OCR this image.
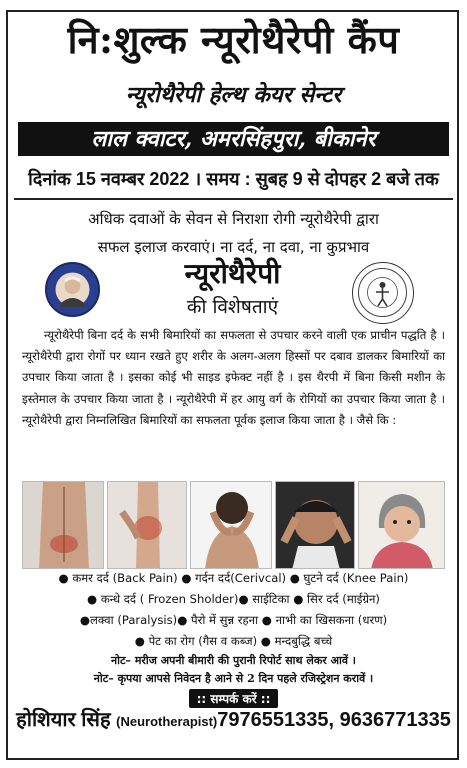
नि:शुल्क न्यूरोथैरेपी कैंप
न्यूरोथैरेपी हेल्थ केयर सेन्टर
लाल क्वाटर, अमरसिंहपुरा, बीकानेर
दिनांक 15 नवम्बर 2022 । समय : सुबह 9 से दोपहर 2 बजे तक
अधिक दवाओं के सेवन से निराशा रोगी न्यूरोथैरेपी द्वारा
सफल इलाज करवाएं। ना दर्द, ना दवा, ना कुप्रभाव
न्यूरोथैरेपी
की विशेषताएं

न्यूरोथैरेपी बिना दर्द के सभी बिमारियों का सफलता से उपचार करने वाली एक प्राचीन पद्धति है । न्यूरोथैरेपी द्वारा रोगों पर ध्यान रखते हुए शरीर के अलग-अलग हिस्सों पर दबाव डालकर बिमारियों का उपचार किया जाता है । इसका कोई भी साइड इफेक्ट नहीं है । इस थैरपी में बिना किसी मशीन के इस्तेमाल के उपचार किया जाता है । न्यूरोथैरेपी में हर आयु वर्ग के रोगियों का उपचार किया जाता है । न्यूरोथैरेपी द्वारा निम्नलिखित बिमारियों का सफलता पूर्वक इलाज किया जाता है । जैसे कि :

● कमर दर्द (Back Pain) ● गर्दन दर्द(Cerivcal) ● घुटने दर्द (Knee Pain)
● कन्धे दर्द ( Frozen Sholder)● साईटिका ● सिर दर्द (माईग्रेन)
●लक्वा (Paralysis)● पैरो में सुन्न रहना ● नाभी का खिसकना (धरण)
● पेट का रोग (गैस व कब्ज) ● मन्दबुद्धि बच्चे
नोट– मरीज अपनी बीमारी की पुरानी रिपोर्ट साथ लेकर आवें ।
नोट– कृपया आपसे निवेदन है आने से 2 दिन पहले रजिस्ट्रेशन करावें ।
:: सम्पर्क करें ::
होशियार सिंह (Neurotherapist)7976551335, 9636771335
